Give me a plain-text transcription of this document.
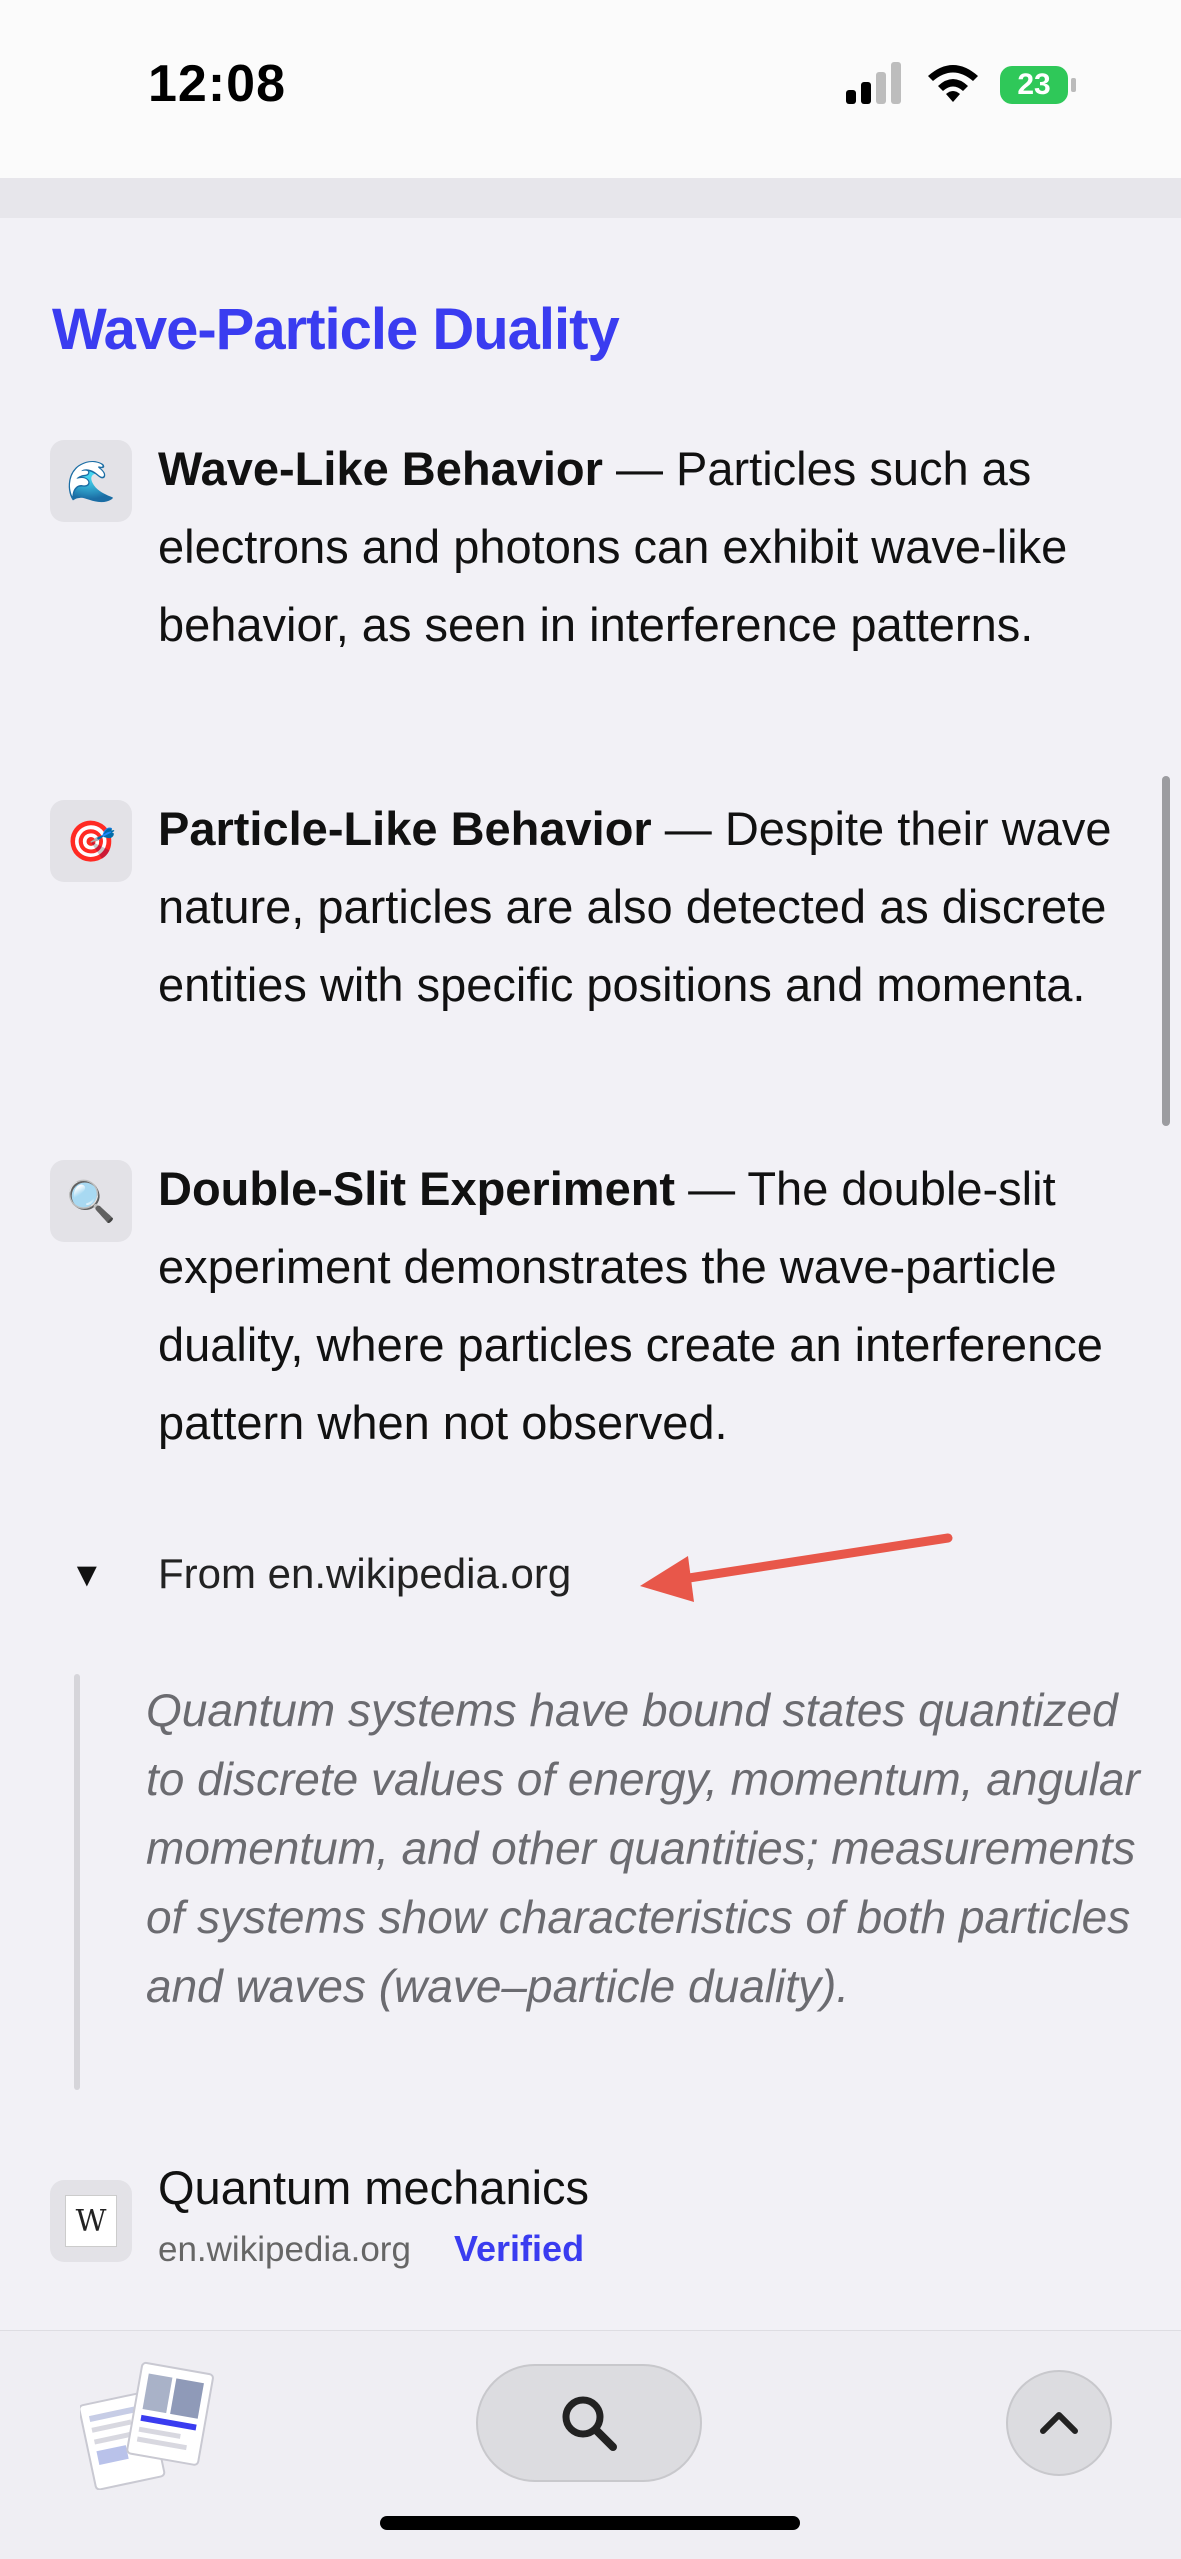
12:08	23
Wave-Particle Duality
🌊 Wave-Like Behavior — Particles such as electrons and photons can exhibit wave-like behavior, as seen in interference patterns.
🎯 Particle-Like Behavior — Despite their wave nature, particles are also detected as discrete entities with specific positions and momenta.
🔍 Double-Slit Experiment — The double-slit experiment demonstrates the wave-particle duality, where particles create an interference pattern when not observed.
▼ From en.wikipedia.org
Quantum systems have bound states quantized to discrete values of energy, momentum, angular momentum, and other quantities; measurements of systems show characteristics of both particles and waves (wave–particle duality).
W
Quantum mechanics
en.wikipedia.org Verified
